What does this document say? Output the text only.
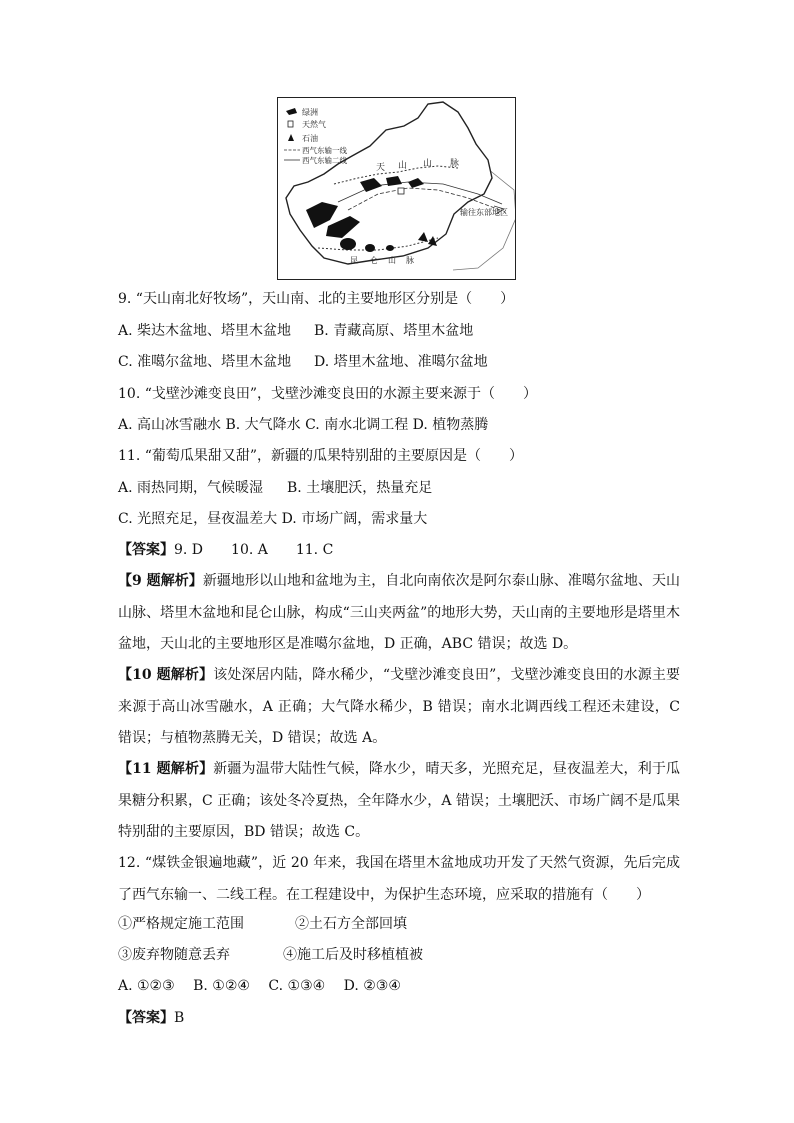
绿洲
天然气
石油
西气东输一线
西气东输二线
天 山 山 脉
昆 仑 山 脉
输往东部地区
9. “天山南北好牧场”，天山南、北的主要地形区分别是（　　）
A. 柴达木盆地、塔里木盆地	B. 青藏高原、塔里木盆地
C. 准噶尔盆地、塔里木盆地	D. 塔里木盆地、准噶尔盆地
10. “戈壁沙滩变良田”，戈壁沙滩变良田的水源主要来源于（　　）
A. 高山冰雪融水 B. 大气降水 C. 南水北调工程 D. 植物蒸腾
11. “葡萄瓜果甜又甜”，新疆的瓜果特别甜的主要原因是（　　）
A. 雨热同期，气候暖湿	B. 土壤肥沃，热量充足
C. 光照充足，昼夜温差大 D. 市场广阔，需求量大
【答案】9. D　　10. A　　11. C
【9 题解析】新疆地形以山地和盆地为主，自北向南依次是阿尔泰山脉、准噶尔盆地、天山山脉、塔里木盆地和昆仑山脉，构成“三山夹两盆”的地形大势，天山南的主要地形是塔里木盆地，天山北的主要地形区是准噶尔盆地，D 正确，ABC 错误；故选 D。
【10 题解析】该处深居内陆，降水稀少，“戈壁沙滩变良田”，戈壁沙滩变良田的水源主要来源于高山冰雪融水，A 正确；大气降水稀少，B 错误；南水北调西线工程还未建设，C 错误；与植物蒸腾无关，D 错误；故选 A。
【11 题解析】新疆为温带大陆性气候，降水少，晴天多，光照充足，昼夜温差大，利于瓜果糖分积累，C 正确；该处冬冷夏热，全年降水少，A 错误；土壤肥沃、市场广阔不是瓜果特别甜的主要原因，BD 错误；故选 C。
12. “煤铁金银遍地藏”，近 20 年来，我国在塔里木盆地成功开发了天然气资源，先后完成了西气东输一、二线工程。在工程建设中，为保护生态环境，应采取的措施有（　　）
①严格规定施工范围	②土石方全部回填
③废弃物随意丢弃	④施工后及时移植植被
A. ①②③　 B. ①②④　 C. ①③④　 D. ②③④
【答案】B
